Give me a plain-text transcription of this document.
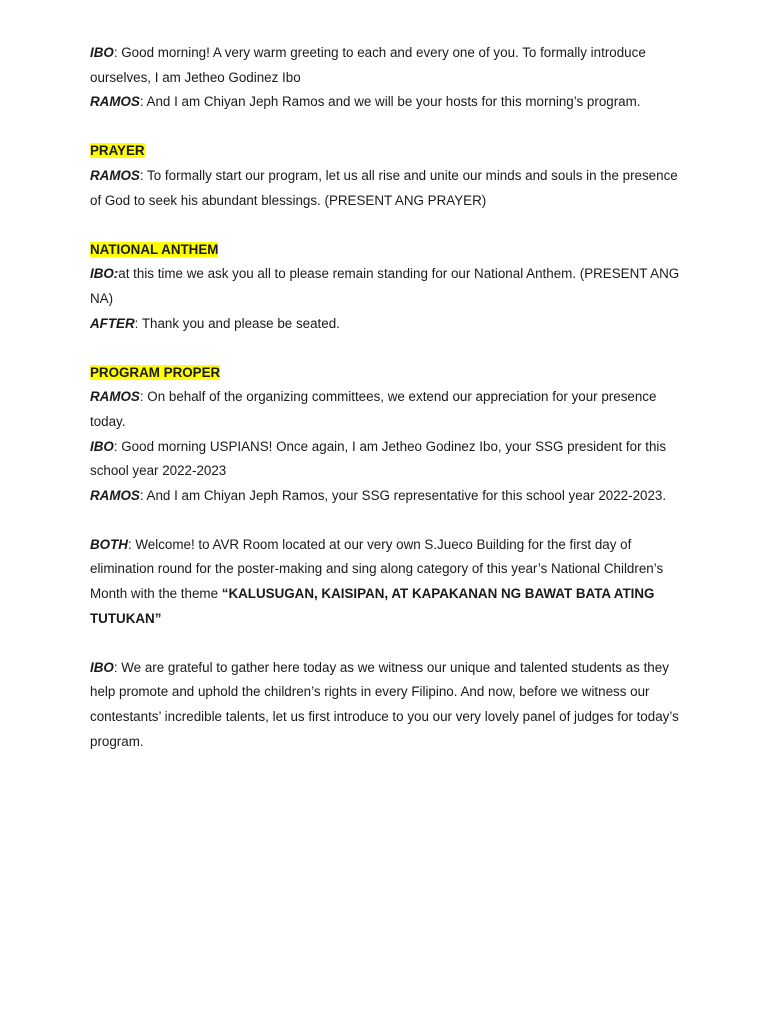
IBO: Good morning! A very warm greeting to each and every one of you. To formally introduce ourselves, I am Jetheo Godinez Ibo

RAMOS: And I am Chiyan Jeph Ramos and we will be your hosts for this morning’s program.

PRAYER

RAMOS: To formally start our program, let us all rise and unite our minds and souls in the presence of God to seek his abundant blessings. (PRESENT ANG PRAYER)

NATIONAL ANTHEM

IBO:at this time we ask you all to please remain standing for our National Anthem. (PRESENT ANG NA)

AFTER: Thank you and please be seated.

PROGRAM PROPER

RAMOS: On behalf of the organizing committees, we extend our appreciation for your presence today.

IBO: Good morning USPIANS! Once again, I am Jetheo Godinez Ibo, your SSG president for this school year 2022-2023

RAMOS: And I am Chiyan Jeph Ramos, your SSG representative for this school year 2022-2023.

BOTH: Welcome! to AVR Room located at our very own S.Jueco Building for the first day of elimination round for the poster-making and sing along category of this year’s National Children’s Month with the theme “KALUSUGAN, KAISIPAN, AT KAPAKANAN NG BAWAT BATA ATING TUTUKAN”

IBO: We are grateful to gather here today as we witness our unique and talented students as they help promote and uphold the children’s rights in every Filipino. And now, before we witness our contestants’ incredible talents, let us first introduce to you our very lovely panel of judges for today’s program.
